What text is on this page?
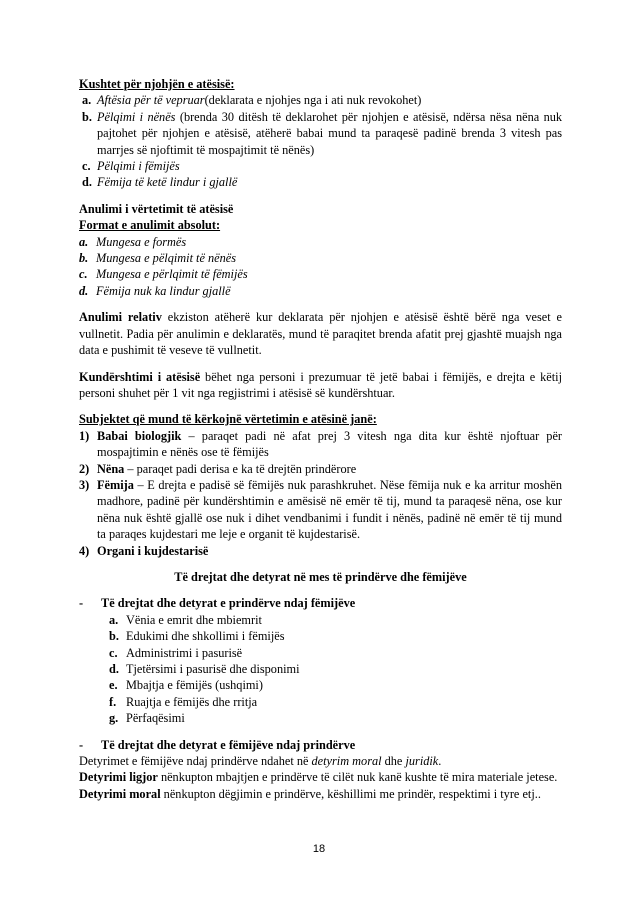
Kushtet për njohjën e atësisë:
a. Aftësia për të vepruar(deklarata e njohjes nga i ati nuk revokohet)
b. Pëlqimi i nënës (brenda 30 ditësh të deklarohet për njohjen e atësisë, ndërsa nësa nëna nuk pajtohet për njohjen e atësisë, atëherë babai mund ta paraqesë padinë brenda 3 vitesh pas marrjes së njoftimit të mospajtimit të nënës)
c. Pëlqimi i fëmijës
d. Fëmija të ketë lindur i gjallë
Anulimi i vërtetimit të atësisë
Format e anulimit absolut:
a. Mungesa e formës
b. Mungesa e pëlqimit të nënës
c. Mungesa e përlqimit të fëmijës
d. Fëmija nuk ka lindur gjallë

Anulimi relativ ekziston atëherë kur deklarata për njohjen e atësisë është bërë nga veset e vullnetit. Padia për anulimin e deklaratës, mund të paraqitet brenda afatit prej gjashtë muajsh nga data e pushimit të veseve të vullnetit.

Kundërshtimi i atësisë bëhet nga personi i prezumuar të jetë babai i fëmijës, e drejta e këtij personi shuhet për 1 vit nga regjistrimi i atësisë së kundërshtuar.

Subjektet që mund të kërkojnë vërtetimin e atësinë janë:
1) Babai biologjik – paraqet padi në afat prej 3 vitesh nga dita kur është njoftuar për mospajtimin e nënës ose të fëmijës
2) Nëna – paraqet padi derisa e ka të drejtën prindërore
3) Fëmija – E drejta e padisë së fëmijës nuk parashkruhet. Nëse fëmija nuk e ka arritur moshën madhore, padinë për kundërshtimin e amësisë në emër të tij, mund ta paraqesë nëna, ose kur nëna nuk është gjallë ose nuk i dihet vendbanimi i fundit i nënës, padinë në emër të tij mund ta paraqes kujdestari me leje e organit të kujdestarisë.
4) Organi i kujdestarisë

Të drejtat dhe detyrat në mes të prindërve dhe fëmijëve

-	Të drejtat dhe detyrat e prindërve ndaj fëmijëve
a. Vënia e emrit dhe mbiemrit
b. Edukimi dhe shkollimi i fëmijës
c. Administrimi i pasurisë
d. Tjetërsimi i pasurisë dhe disponimi
e. Mbajtja e fëmijës (ushqimi)
f. Ruajtja e fëmijës dhe rritja
g. Përfaqësimi
-	Të drejtat dhe detyrat e fëmijëve ndaj prindërve

Detyrimet e fëmijëve ndaj prindërve ndahet në detyrim moral dhe juridik.

Detyrimi ligjor nënkupton mbajtjen e prindërve të cilët nuk kanë kushte të mira materiale jetese.

Detyrimi moral nënkupton dëgjimin e prindërve, këshillimi me prindër, respektimi i tyre etj..

18
